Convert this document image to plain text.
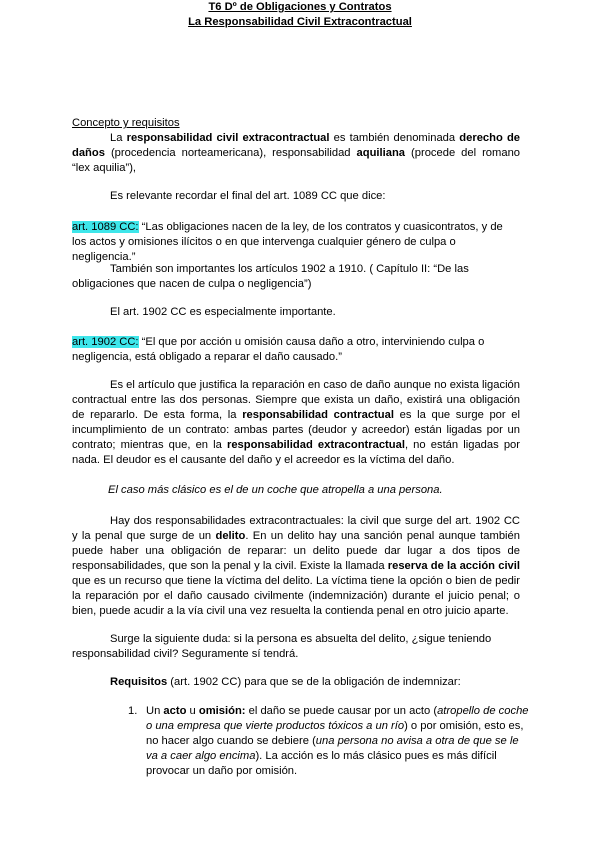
T6 Dº de Obligaciones y Contratos
La Responsabilidad Civil Extracontractual
Concepto y requisitos
La responsabilidad civil extracontractual es también denominada derecho de daños (procedencia norteamericana), responsabilidad aquiliana (procede del romano “lex aquilia”),
Es relevante recordar el final del art. 1089 CC que dice:
art. 1089 CC: “Las obligaciones nacen de la ley, de los contratos y cuasicontratos, y de los actos y omisiones ilícitos o en que intervenga cualquier género de culpa o negligencia.”
También son importantes los artículos 1902 a 1910. ( Capítulo II: “De las obligaciones que nacen de culpa o negligencia”)
El art. 1902 CC es especialmente importante.
art. 1902 CC: “El que por acción u omisión causa daño a otro, interviniendo culpa o negligencia, está obligado a reparar el daño causado.”
Es el artículo que justifica la reparación en caso de daño aunque no exista ligación contractual entre las dos personas. Siempre que exista un daño, existirá una obligación de repararlo. De esta forma, la responsabilidad contractual es la que surge por el incumplimiento de un contrato: ambas partes (deudor y acreedor) están ligadas por un contrato; mientras que, en la responsabilidad extracontractual, no están ligadas por nada. El deudor es el causante del daño y el acreedor es la víctima del daño.
El caso más clásico es el de un coche que atropella a una persona.
Hay dos responsabilidades extracontractuales: la civil que surge del art. 1902 CC y la penal que surge de un delito. En un delito hay una sanción penal aunque también puede haber una obligación de reparar: un delito puede dar lugar a dos tipos de responsabilidades, que son la penal y la civil. Existe la llamada reserva de la acción civil que es un recurso que tiene la víctima del delito. La víctima tiene la opción o bien de pedir la reparación por el daño causado civilmente (indemnización) durante el juicio penal; o bien, puede acudir a la vía civil una vez resuelta la contienda penal en otro juicio aparte.
Surge la siguiente duda: si la persona es absuelta del delito, ¿sigue teniendo responsabilidad civil? Seguramente sí tendrá.
Requisitos (art. 1902 CC) para que se de la obligación de indemnizar:
1. Un acto u omisión: el daño se puede causar por un acto (atropello de coche o una empresa que vierte productos tóxicos a un río) o por omisión, esto es, no hacer algo cuando se debiere (una persona no avisa a otra de que se le va a caer algo encima). La acción es lo más clásico pues es más difícil provocar un daño por omisión.
